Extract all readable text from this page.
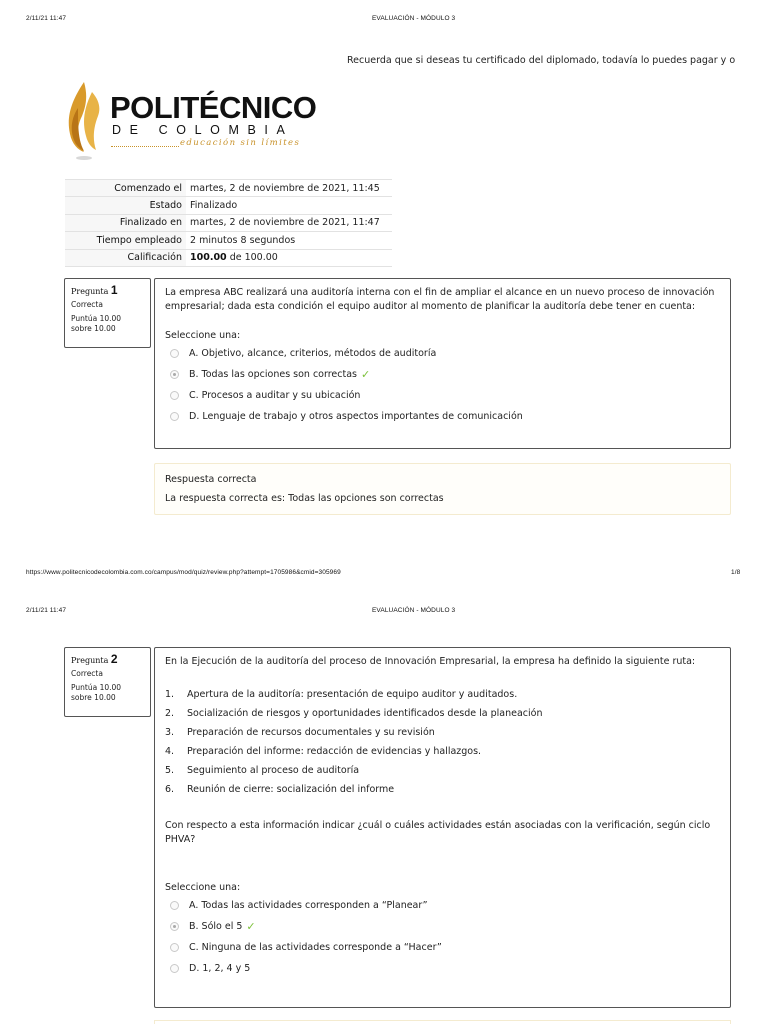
2/11/21 11:47	EVALUACIÓN - MÓDULO 3
Recuerda que si deseas tu certificado del diplomado, todavía lo puedes pagar y o
POLITÉCNICO
DE COLOMBIA
educación sin límites
Comenzado el	martes, 2 de noviembre de 2021, 11:45
Estado	Finalizado
Finalizado en	martes, 2 de noviembre de 2021, 11:47
Tiempo empleado	2 minutos 8 segundos
Calificación	100.00 de 100.00
Pregunta 1
Correcta
Puntúa 10.00 sobre 10.00

La empresa ABC realizará una auditoría interna con el fin de ampliar el alcance en un nuevo proceso de innovación empresarial; dada esta condición el equipo auditor al momento de planificar la auditoría debe tener en cuenta:

Seleccione una:

A. Objetivo, alcance, criterios, métodos de auditoría
B. Todas las opciones son correctas ✓
C. Procesos a auditar y su ubicación
D. Lenguaje de trabajo y otros aspectos importantes de comunicación
Respuesta correcta
La respuesta correcta es: Todas las opciones son correctas
https://www.politecnicodecolombia.com.co/campus/mod/quiz/review.php?attempt=1705986&cmid=305969	1/8
2/11/21 11:47	EVALUACIÓN - MÓDULO 3
Pregunta 2
Correcta
Puntúa 10.00 sobre 10.00

En la Ejecución de la auditoría del proceso de Innovación Empresarial, la empresa ha definido la siguiente ruta:

1.	Apertura de la auditoría: presentación de equipo auditor y auditados.
2.	Socialización de riesgos y oportunidades identificados desde la planeación
3.	Preparación de recursos documentales y su revisión
4.	Preparación del informe: redacción de evidencias y hallazgos.
5.	Seguimiento al proceso de auditoría
6.	Reunión de cierre: socialización del informe

Con respecto a esta información indicar ¿cuál o cuáles actividades están asociadas con la verificación, según ciclo PHVA?

Seleccione una:

A. Todas las actividades corresponden a “Planear”
B. Sólo el 5 ✓
C. Ninguna de las actividades corresponde a “Hacer”
D. 1, 2, 4 y 5
